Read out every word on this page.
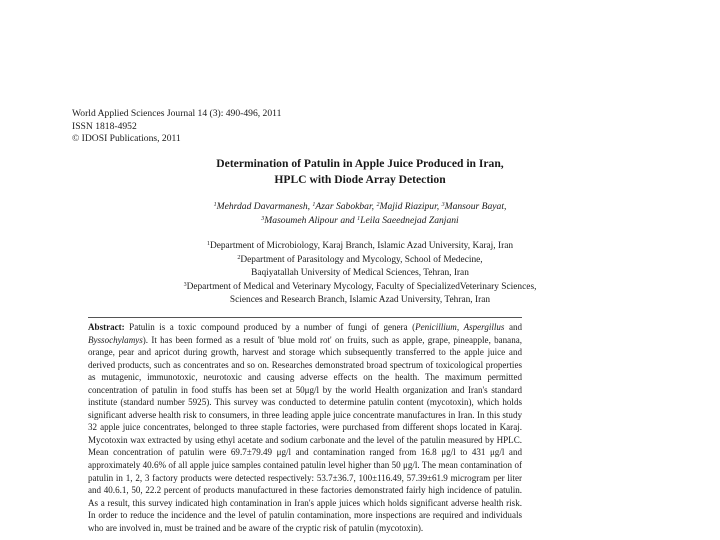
World Applied Sciences Journal 14 (3): 490-496, 2011
ISSN 1818-4952
© IDOSI Publications, 2011
Determination of Patulin in Apple Juice Produced in Iran,
HPLC with Diode Array Detection
$^1$Mehrdad Davarmanesh, $^1$Azar Sabokbar, $^2$Majid Riazipur, $^3$Mansour Bayat,
$^3$Masoumeh Alipour and $^1$Leila Saeednejad Zanjani
$^1$Department of Microbiology, Karaj Branch, Islamic Azad University, Karaj, Iran
$^2$Department of Parasitology and Mycology, School of Medecine,
Baqiyatallah University of Medical Sciences, Tehran, Iran
$^3$Department of Medical and Veterinary Mycology, Faculty of SpecializedVeterinary Sciences,
Sciences and Research Branch, Islamic Azad University, Tehran, Iran
Abstract: Patulin is a toxic compound produced by a number of fungi of genera (Penicillium, Aspergillus and Byssochylamys). It has been formed as a result of 'blue mold rot' on fruits, such as apple, grape, pineapple, banana, orange, pear and apricot during growth, harvest and storage which subsequently transferred to the apple juice and derived products, such as concentrates and so on. Researches demonstrated broad spectrum of toxicological properties as mutagenic, immunotoxic, neurotoxic and causing adverse effects on the health. The maximum permitted concentration of patulin in food stuffs has been set at 50μg/l by the world Health organization and Iran's standard institute (standard number 5925). This survey was conducted to determine patulin content (mycotoxin), which holds significant adverse health risk to consumers, in three leading apple juice concentrate manufactures in Iran. In this study 32 apple juice concentrates, belonged to three staple factories, were purchased from different shops located in Karaj. Mycotoxin wax extracted by using ethyl acetate and sodium carbonate and the level of the patulin measured by HPLC. Mean concentration of patulin were 69.7±79.49 μg/l and contamination ranged from 16.8 μg/l to 431 μg/l and approximately 40.6% of all apple juice samples contained patulin level higher than 50 μg/l. The mean contamination of patulin in 1, 2, 3 factory products were detected respectively: 53.7±36.7, 100±116.49, 57.39±61.9 microgram per liter and 40.6.1, 50, 22.2 percent of products manufactured in these factories demonstrated fairly high incidence of patulin. As a result, this survey indicated high contamination in Iran's apple juices which holds significant adverse health risk. In order to reduce the incidence and the level of patulin contamination, more inspections are required and individuals who are involved in, must be trained and be aware of the cryptic risk of patulin (mycotoxin).
